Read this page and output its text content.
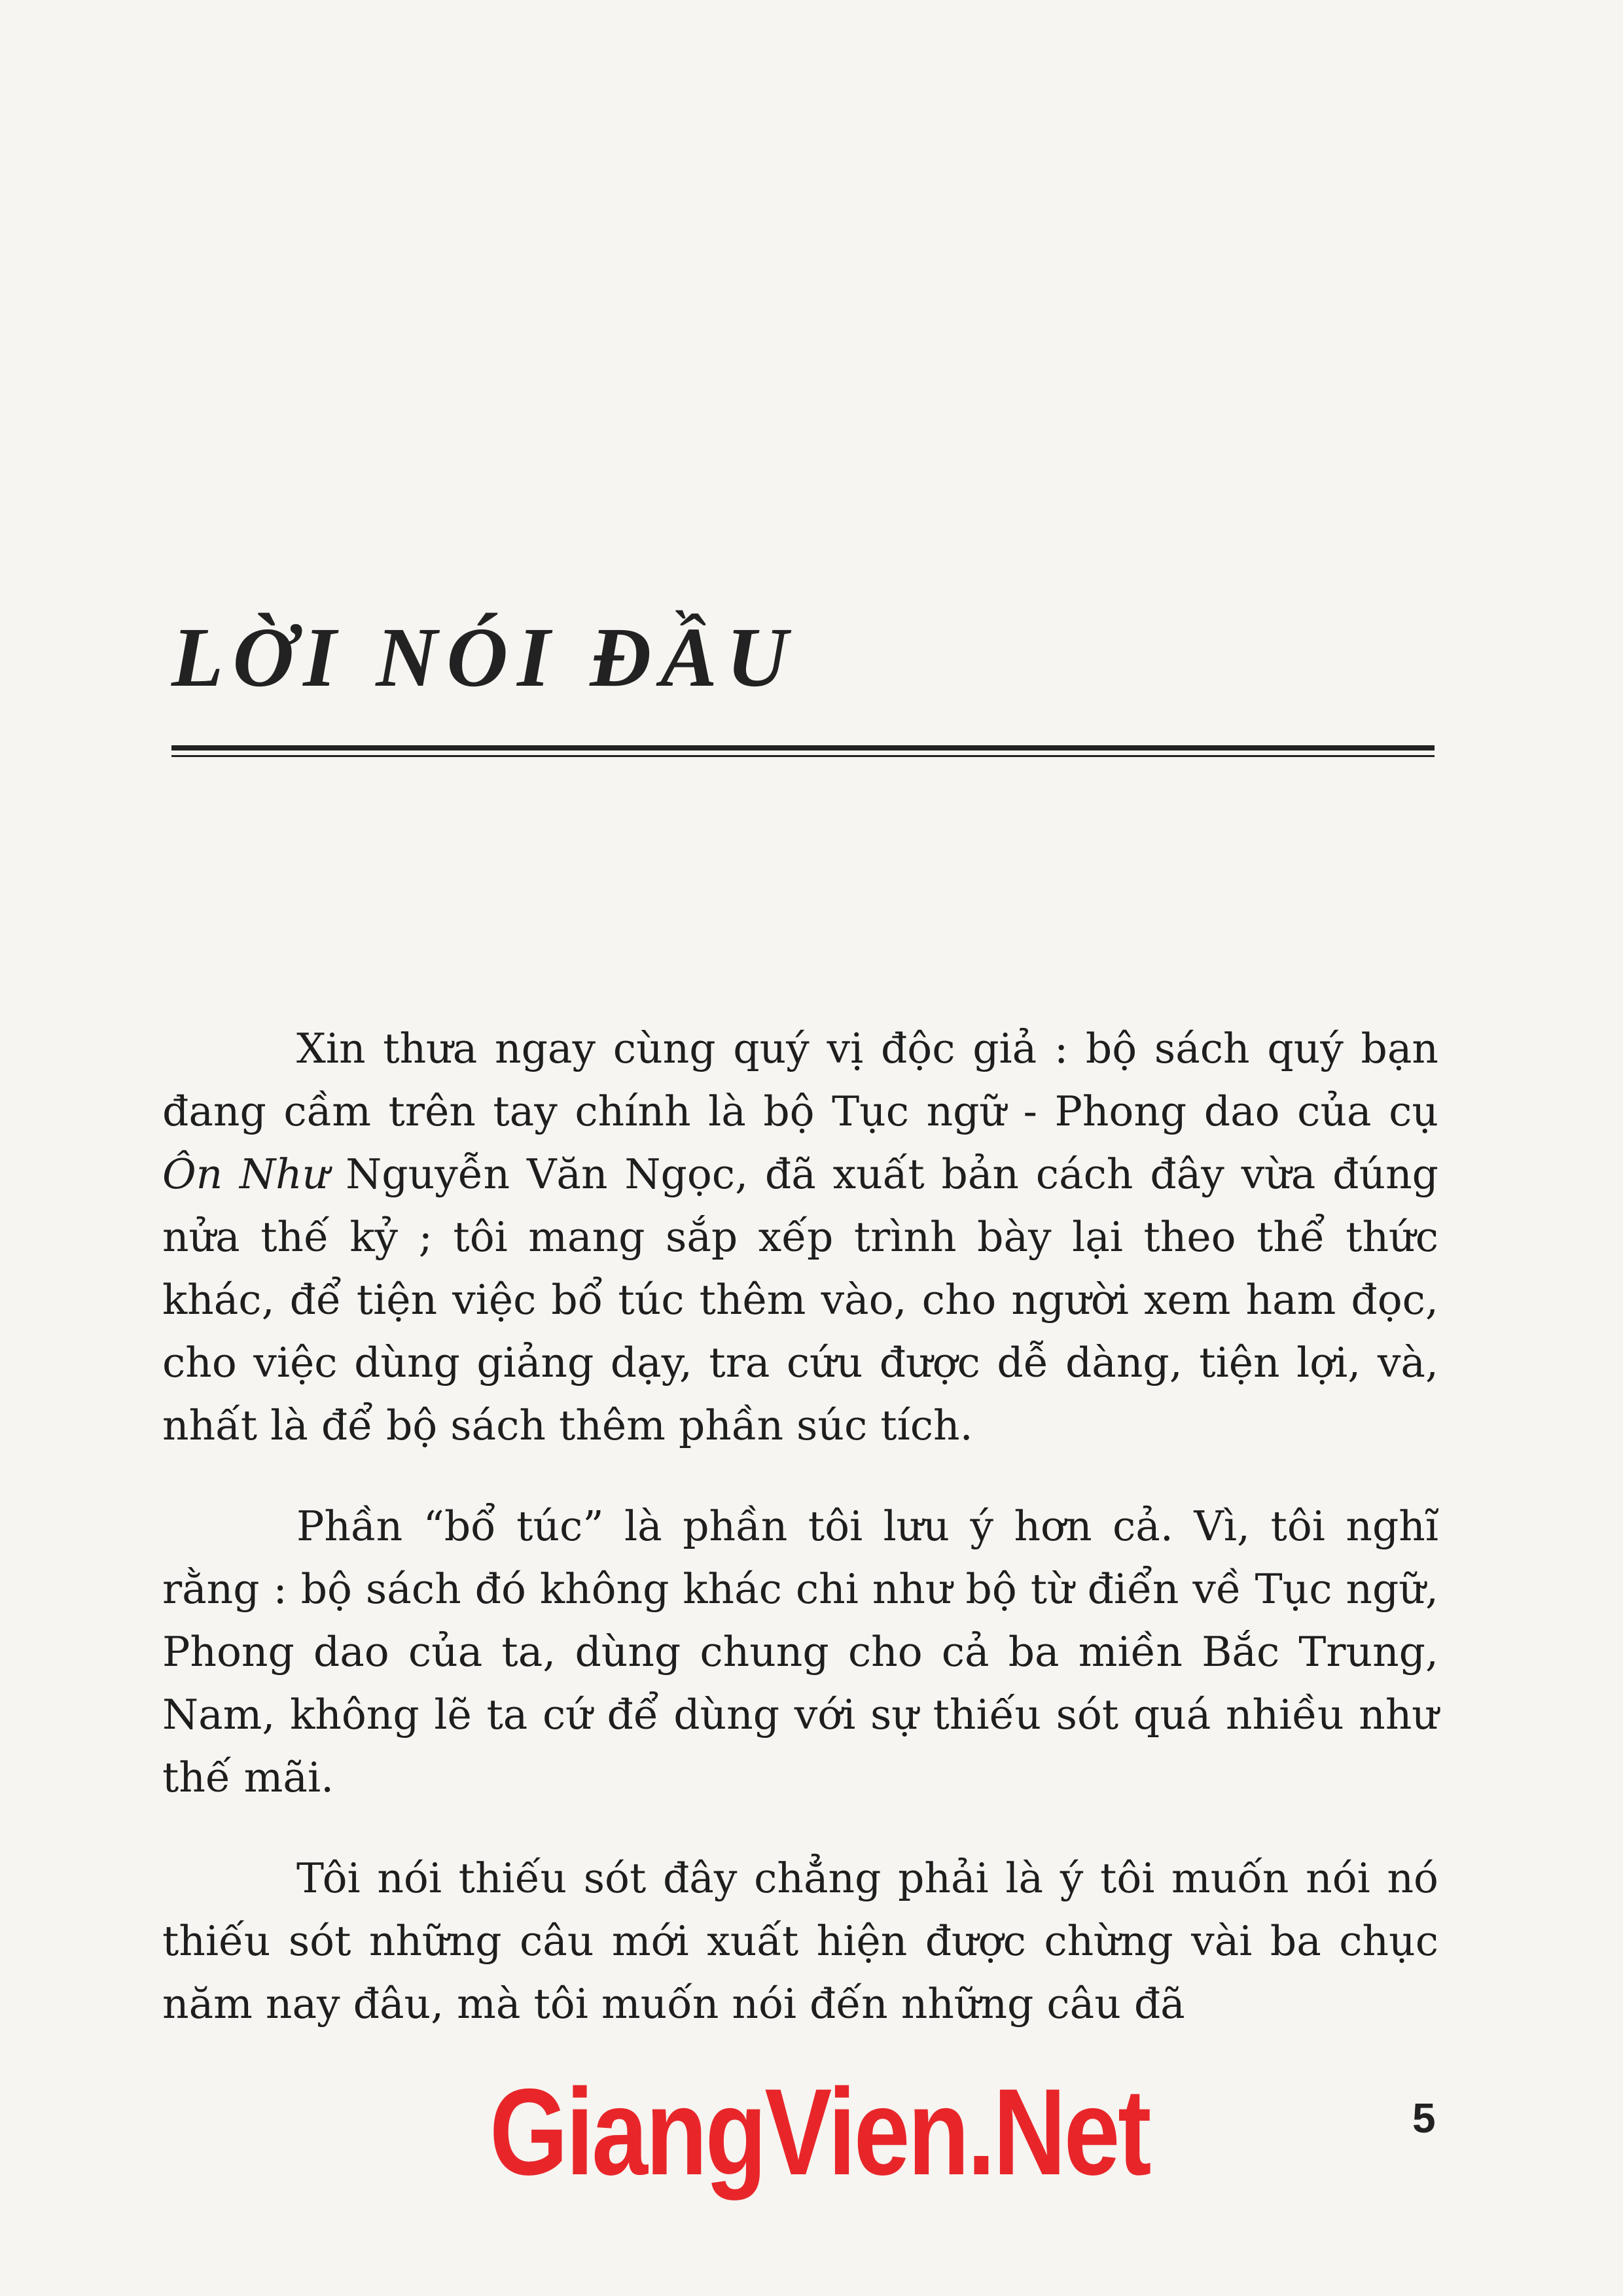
LỜI NÓI ĐẦU

Xin thưa ngay cùng quý vị độc giả : bộ sách quý bạn đang cầm trên tay chính là bộ Tục ngữ - Phong dao của cụ Ôn Như Nguyễn Văn Ngọc, đã xuất bản cách đây vừa đúng nửa thế kỷ ; tôi mang sắp xếp trình bày lại theo thể thức khác, để tiện việc bổ túc thêm vào, cho người xem ham đọc, cho việc dùng giảng dạy, tra cứu được dễ dàng, tiện lợi, và, nhất là để bộ sách thêm phần súc tích.

Phần “bổ túc” là phần tôi lưu ý hơn cả. Vì, tôi nghĩ rằng : bộ sách đó không khác chi như bộ từ điển về Tục ngữ, Phong dao của ta, dùng chung cho cả ba miền Bắc Trung, Nam, không lẽ ta cứ để dùng với sự thiếu sót quá nhiều như thế mãi.

Tôi nói thiếu sót đây chẳng phải là ý tôi muốn nói nó thiếu sót những câu mới xuất hiện được chừng vài ba chục năm nay đâu, mà tôi muốn nói đến những câu đã

GiangVien.Net	5
